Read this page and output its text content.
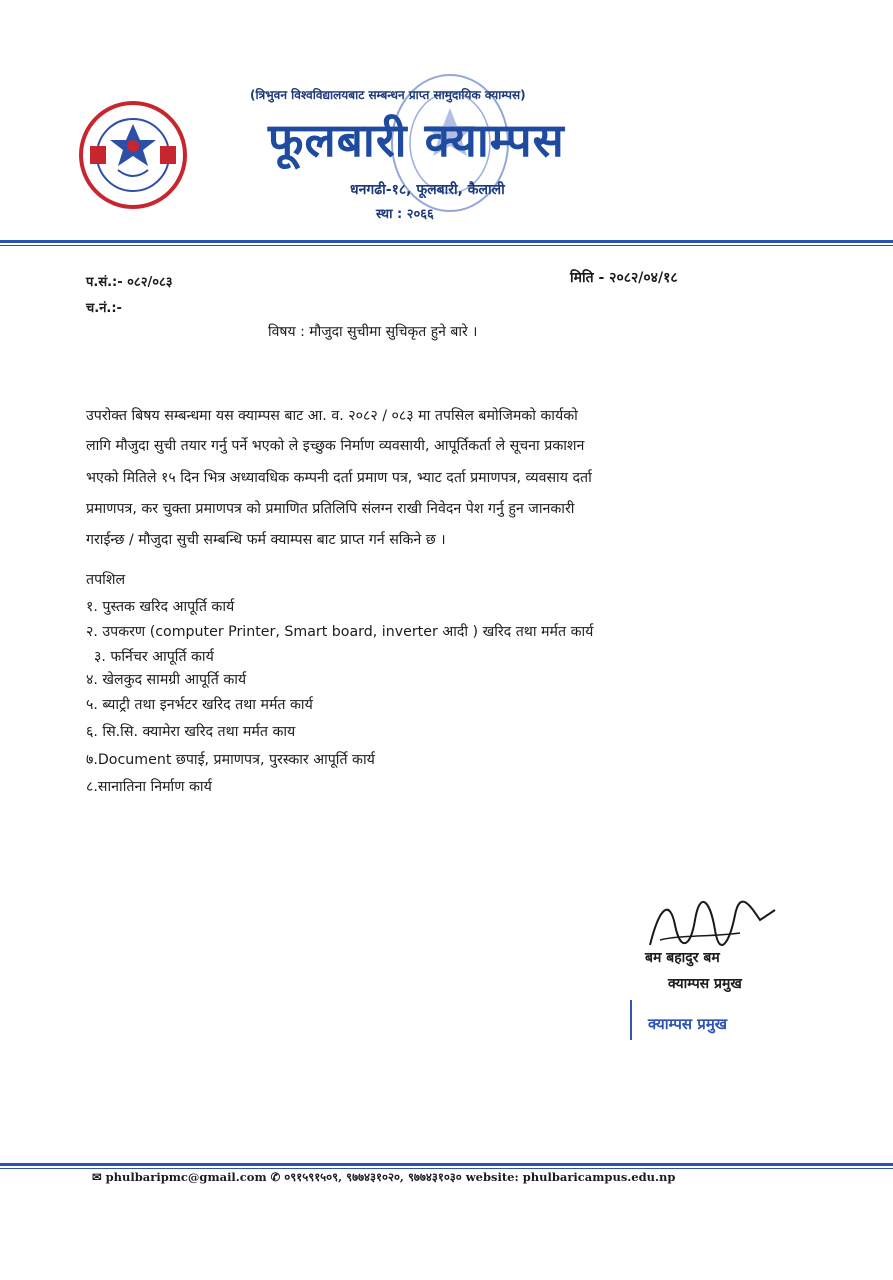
(त्रिभुवन विश्वविद्यालयबाट सम्बन्धन प्राप्त सामुदायिक क्याम्पस)
फूलबारी क्याम्पस
धनगढी-१८, फूलबारी, कैलाली
स्था : २०६६
प.सं.:- ०८२/०८३
च.नं.:-
मिति - २०८२/०४/१८
विषय : मौजुदा सुचीमा सुचिकृत हुने बारे ।
उपरोक्त बिषय सम्बन्धमा यस क्याम्पस बाट आ. व. २०८२ / ०८३ मा तपसिल बमोजिमको कार्यको
लागि मौजुदा सुची तयार गर्नु पर्ने भएको ले इच्छुक निर्माण व्यवसायी, आपूर्तिकर्ता ले सूचना प्रकाशन
भएको मितिले १५ दिन भित्र अध्यावधिक कम्पनी दर्ता प्रमाण पत्र, भ्याट दर्ता प्रमाणपत्र, व्यवसाय दर्ता
प्रमाणपत्र, कर चुक्ता प्रमाणपत्र को प्रमाणित प्रतिलिपि संलग्न राखी निवेदन पेश गर्नु हुन जानकारी
गराईन्छ / मौजुदा सुची सम्बन्धि फर्म क्याम्पस बाट प्राप्त गर्न सकिने छ ।
तपशिल
१. पुस्तक खरिद आपूर्ति कार्य
२. उपकरण (computer Printer, Smart board, inverter आदी ) खरिद तथा मर्मत कार्य
३. फर्निचर आपूर्ति कार्य
४. खेलकुद सामग्री आपूर्ति कार्य
५. ब्याट्री तथा इनर्भटर खरिद तथा मर्मत कार्य
६. सि.सि. क्यामेरा खरिद तथा मर्मत काय
७.Document छपाई, प्रमाणपत्र, पुरस्कार आपूर्ति कार्य
८.सानातिना निर्माण कार्य
बम बहादुर बम
क्याम्पस प्रमुख
क्याम्पस प्रमुख
✉ phulbaripmc@gmail.com ✆ ०९१५९१५०९, ९७७४३१०२०, ९७७४३१०३० website: phulbaricampus.edu.np
